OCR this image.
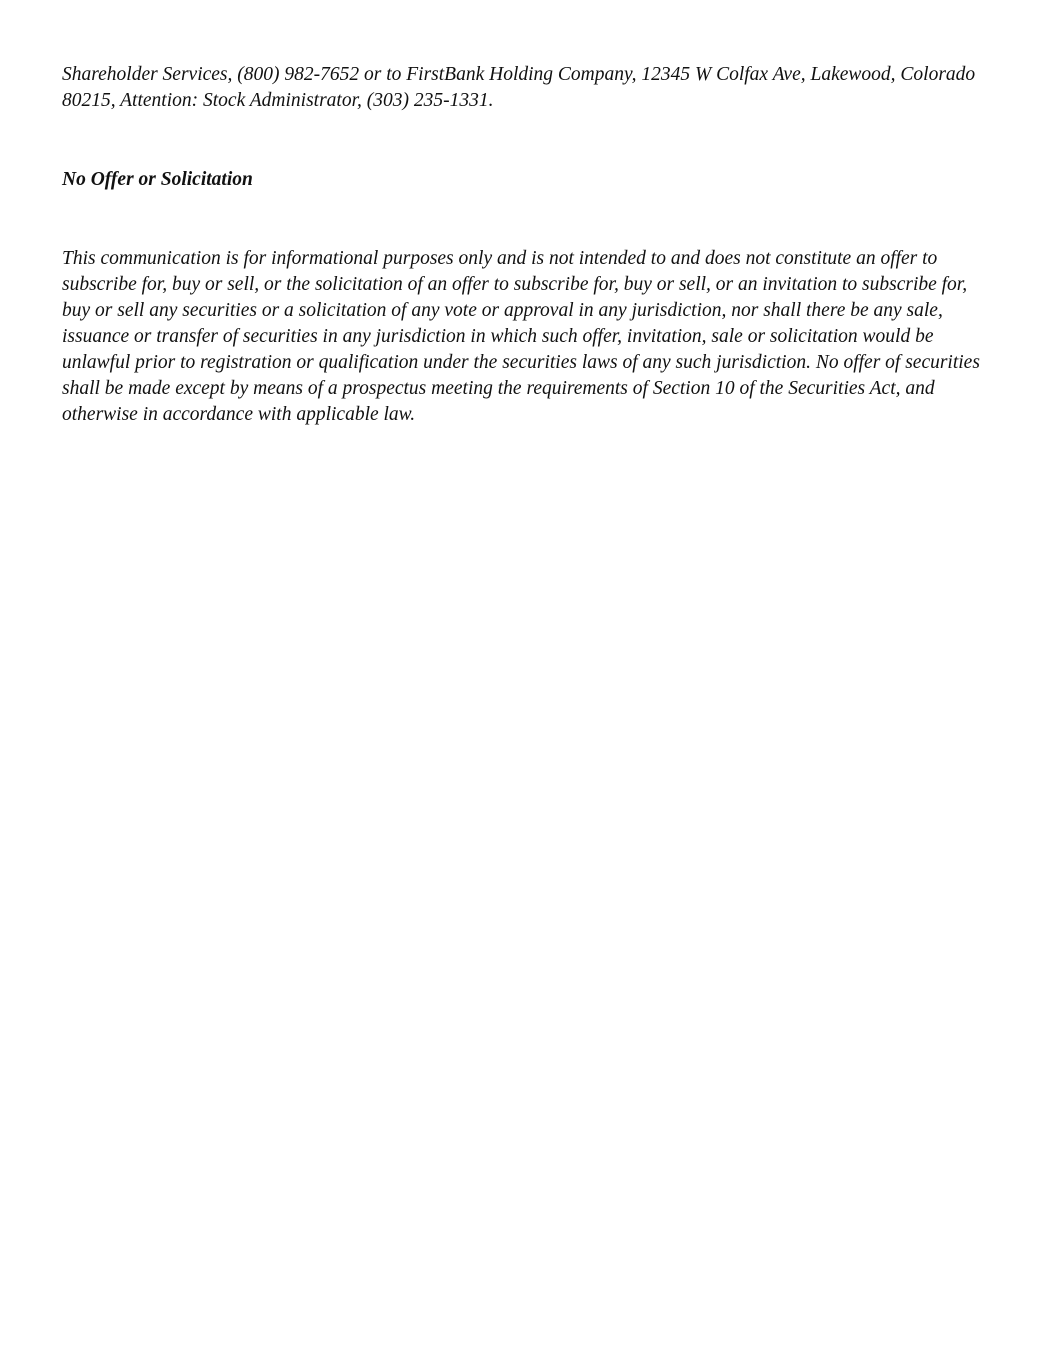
Shareholder Services, (800) 982-7652 or to FirstBank Holding Company, 12345 W Colfax Ave, Lakewood, Colorado 80215, Attention: Stock Administrator, (303) 235-1331.

No Offer or Solicitation

This communication is for informational purposes only and is not intended to and does not constitute an offer to subscribe for, buy or sell, or the solicitation of an offer to subscribe for, buy or sell, or an invitation to subscribe for, buy or sell any securities or a solicitation of any vote or approval in any jurisdiction, nor shall there be any sale, issuance or transfer of securities in any jurisdiction in which such offer, invitation, sale or solicitation would be unlawful prior to registration or qualification under the securities laws of any such jurisdiction. No offer of securities shall be made except by means of a prospectus meeting the requirements of Section 10 of the Securities Act, and otherwise in accordance with applicable law.
